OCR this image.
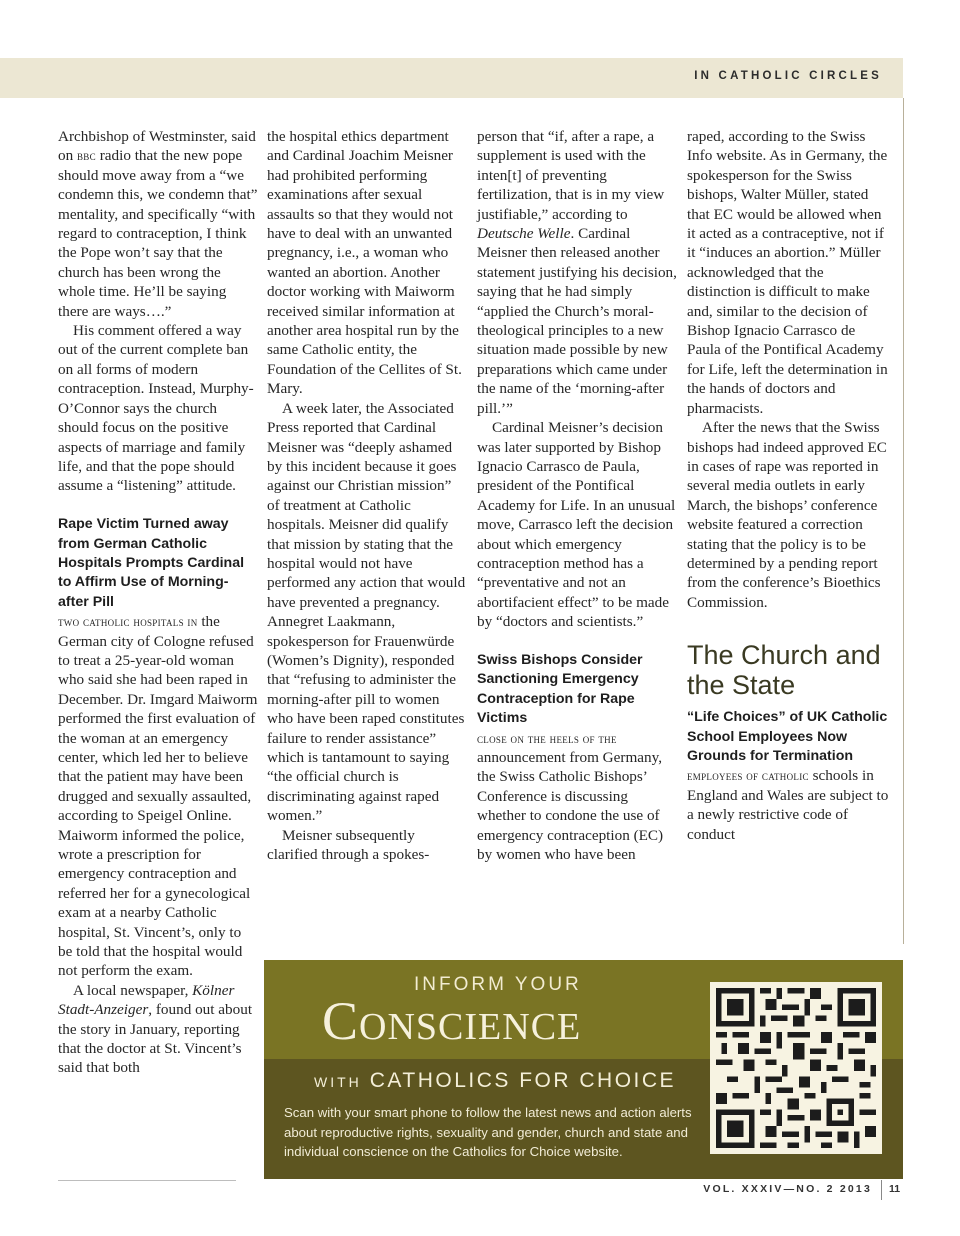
IN CATHOLIC CIRCLES

Archbishop of Westminster, said on bbc radio that the new pope should move away from a “we condemn this, we condemn that” mentality, and specifically “with regard to contraception, I think the Pope won’t say that the church has been wrong the whole time. He’ll be saying there are ways….”

His comment offered a way out of the current complete ban on all forms of modern contraception. Instead, Murphy-O’Connor says the church should focus on the positive aspects of marriage and family life, and that the pope should assume a “listening” attitude.

Rape Victim Turned away from German Catholic Hospitals Prompts Cardinal to Affirm Use of Morning-after Pill

two catholic hospitals in the German city of Cologne refused to treat a 25-year-old woman who said she had been raped in December. Dr. Imgard Maiworm performed the first evaluation of the woman at an emergency center, which led her to believe that the patient may have been drugged and sexually assaulted, according to Speigel Online. Maiworm informed the police, wrote a prescription for emergency contraception and referred her for a gynecological exam at a nearby Catholic hospital, St. Vincent’s, only to be told that the hospital would not perform the exam.

A local newspaper, Kölner Stadt-Anzeiger, found out about the story in January, reporting that the doctor at St. Vincent’s said that both

the hospital ethics department and Cardinal Joachim Meisner had prohibited performing examinations after sexual assaults so that they would not have to deal with an unwanted pregnancy, i.e., a woman who wanted an abortion. Another doctor working with Maiworm received similar information at another area hospital run by the same Catholic entity, the Foundation of the Cellites of St. Mary.

A week later, the Associated Press reported that Cardinal Meisner was “deeply ashamed by this incident because it goes against our Christian mission” of treatment at Catholic hospitals. Meisner did qualify that mission by stating that the hospital would not have performed any action that would have prevented a pregnancy. Annegret Laakmann, spokesperson for Frauenwürde (Women’s Dignity), responded that “refusing to administer the morning-after pill to women who have been raped constitutes failure to render assistance” which is tantamount to saying “the official church is discriminating against raped women.”

Meisner subsequently clarified through a spokes-

person that “if, after a rape, a supplement is used with the inten[t] of preventing fertilization, that is in my view justifiable,” according to Deutsche Welle. Cardinal Meisner then released another statement justifying his decision, saying that he had simply “applied the Church’s moral-theological principles to a new situation made possible by new preparations which came under the name of the ‘morning-after pill.’”

Cardinal Meisner’s decision was later supported by Bishop Ignacio Carrasco de Paula, president of the Pontifical Academy for Life. In an unusual move, Carrasco left the decision about which emergency contraception method has a “preventative and not an abortifacient effect” to be made by “doctors and scientists.”

Swiss Bishops Consider Sanctioning Emergency Contraception for Rape Victims

close on the heels of the announcement from Germany, the Swiss Catholic Bishops’ Conference is discussing whether to condone the use of emergency contraception (EC) by women who have been

raped, according to the Swiss Info website. As in Germany, the spokesperson for the Swiss bishops, Walter Müller, stated that EC would be allowed when it acted as a contraceptive, not if it “induces an abortion.” Müller acknowledged that the distinction is difficult to make and, similar to the decision of Bishop Ignacio Carrasco de Paula of the Pontifical Academy for Life, left the determination in the hands of doctors and pharmacists.

After the news that the Swiss bishops had indeed approved EC in cases of rape was reported in several media outlets in early March, the bishops’ conference website featured a correction stating that the policy is to be determined by a pending report from the conference’s Bioethics Commission.

The Church and the State
“Life Choices” of UK Catholic School Employees Now Grounds for Termination

employees of catholic schools in England and Wales are subject to a newly restrictive code of conduct

INFORM YOUR
Conscience
WITH CATHOLICS FOR CHOICE
Scan with your smart phone to follow the latest news and action alerts about reproductive rights, sexuality and gender, church and state and individual conscience on the Catholics for Choice website.
VOL. XXXIV—NO. 2 2013 11
